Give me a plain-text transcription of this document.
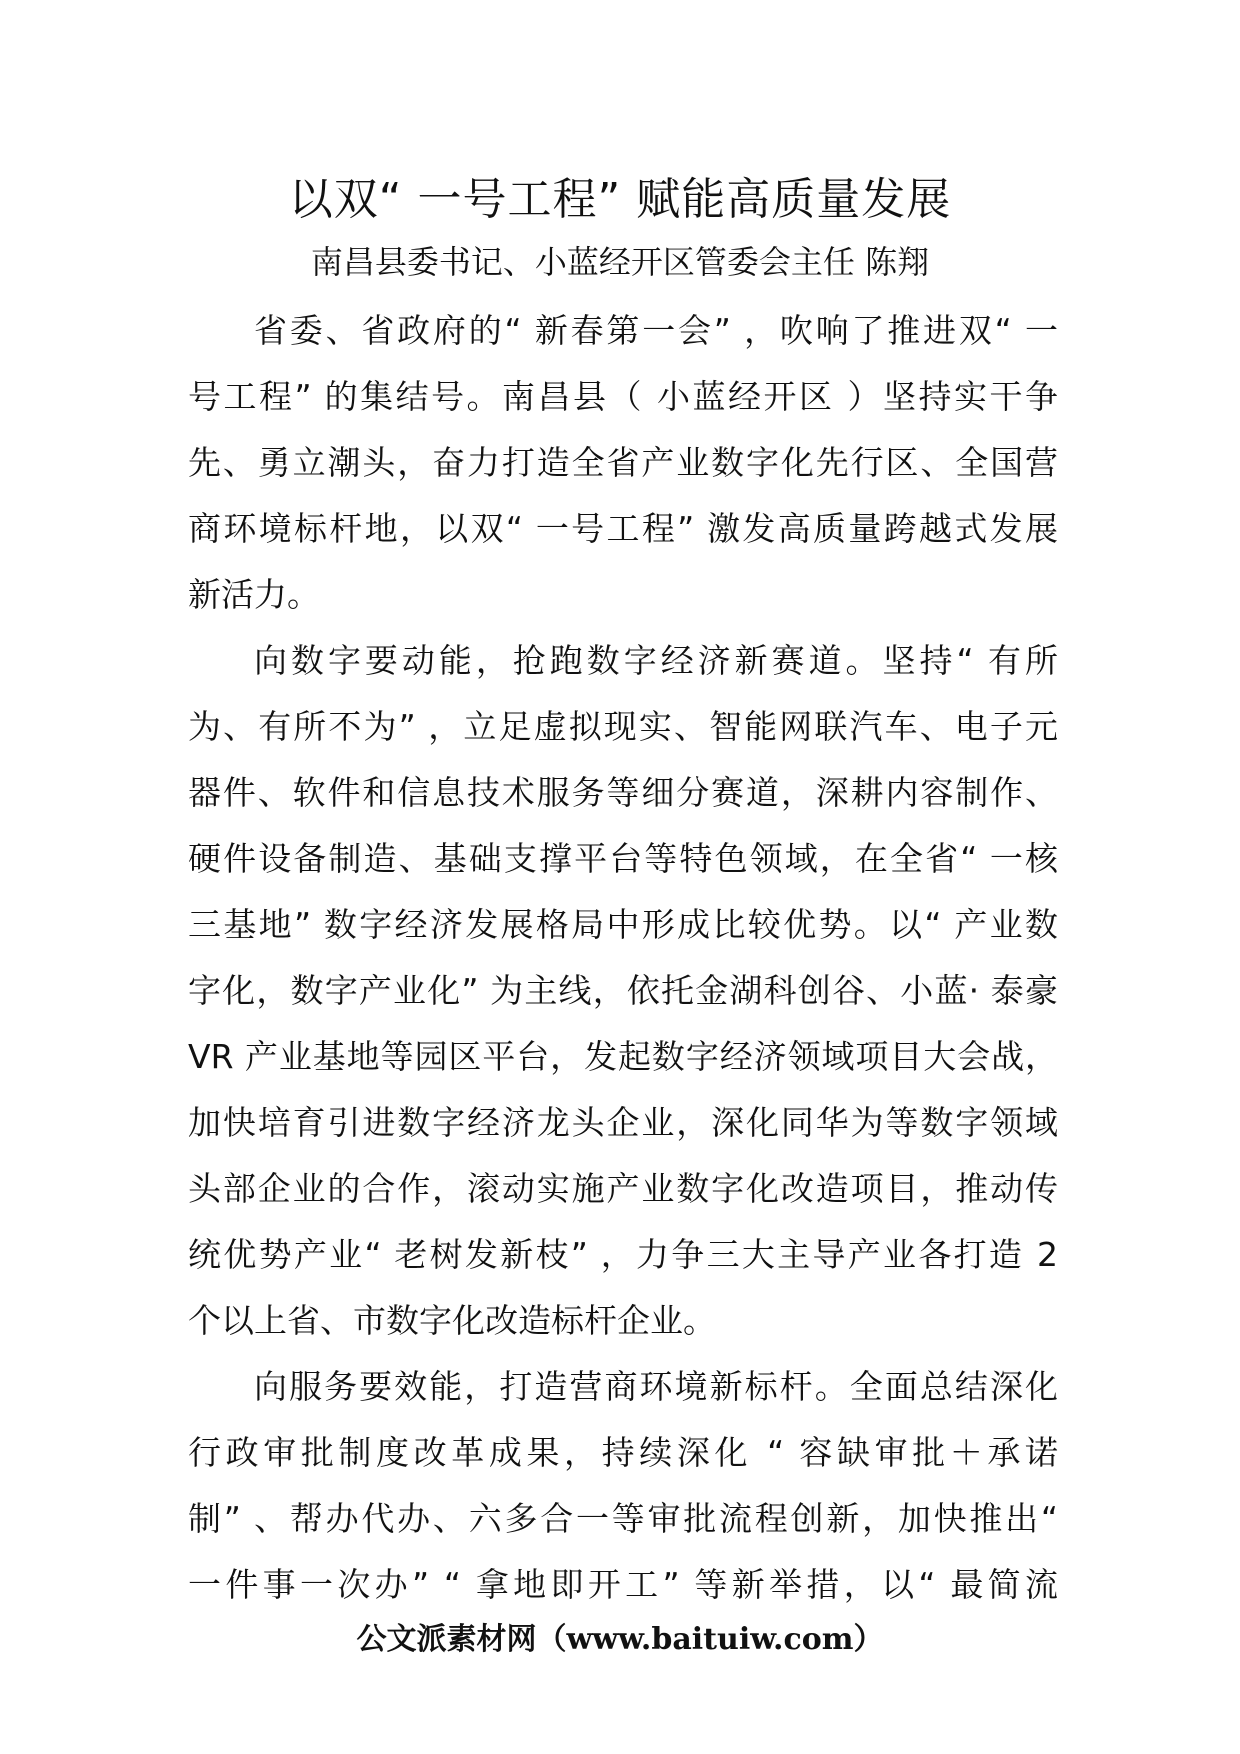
以双“ 一号工程” 赋能高质量发展
南昌县委书记、小蓝经开区管委会主任 陈翔
省委、省政府的“ 新春第一会” ，吹响了推进双“ 一
号工程” 的集结号。南昌县（ 小蓝经开区 ）坚持实干争
先、勇立潮头，奋力打造全省产业数字化先行区、全国营
商环境标杆地，以双“ 一号工程” 激发高质量跨越式发展
新活力。
向数字要动能，抢跑数字经济新赛道。坚持“ 有所
为、有所不为” ，立足虚拟现实、智能网联汽车、电子元
器件、软件和信息技术服务等细分赛道，深耕内容制作、
硬件设备制造、基础支撑平台等特色领域，在全省“ 一核
三基地” 数字经济发展格局中形成比较优势。以“ 产业数
字化，数字产业化” 为主线，依托金湖科创谷、小蓝· 泰豪
VR 产业基地等园区平台，发起数字经济领域项目大会战，
加快培育引进数字经济龙头企业，深化同华为等数字领域
头部企业的合作，滚动实施产业数字化改造项目，推动传
统优势产业“ 老树发新枝” ，力争三大主导产业各打造 2
个以上省、市数字化改造标杆企业。
向服务要效能，打造营商环境新标杆。全面总结深化
行政审批制度改革成果，持续深化 “ 容缺审批＋承诺
制” 、帮办代办、六多合一等审批流程创新，加快推出“
一件事一次办” “ 拿地即开工” 等新举措，以“ 最简流
公文派素材网（www.baituiw.com）
